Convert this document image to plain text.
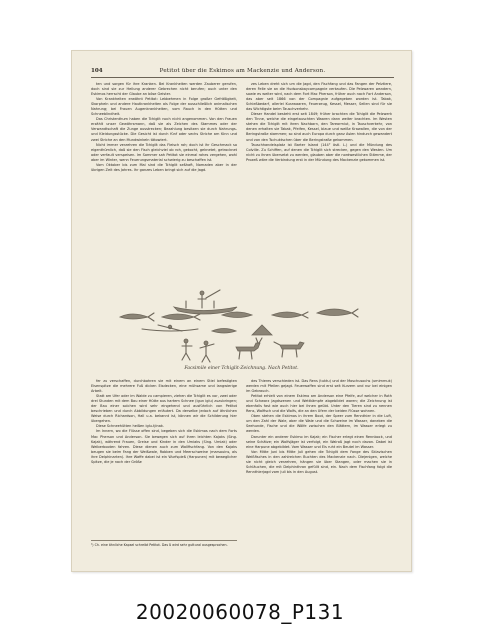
104	Petitot über die Eskimos am Mackenzie und Anderson.

ten und sorgen für ihre Kranken. Bei Krankheiten werden Zauberer gerufen, doch sind sie zur Heilung anderer Gebrechen nicht berufen; auch unter den Eskimos herrscht der Glaube an böse Geister.

Von Krankheiten erwähnt Petitot: Lebbehmen in Folge großer Gefräßigkeit, Skorpheln und andere Hautkrankheiten als Folge der ausschließlich animalischen Nahrung; bei Frauen Augenkrankheiten, vom Rauch in den Hütten und Schneeblindheit.

Das Christenthum haben die Tchiglit noch nicht angenommen. Von den Frauen erzählt unser Gewährsmann, daß sie als Zeichen des Stammes oder der Verwandtschaft die Zunge ausstrecken; Bezahlung besitzen sie durch Nahrungs- und Kleidungsstücke. Die Gesicht ist durch fünf oder sechs Striche am Kinn und zwei Striche an den Mundwinkeln tätowiert.

Nicht immer verzehren die Tchiglit das Fleisch roh; doch ist ihr Geschmack so eigenthümlich, daß sie den Fisch gleichviel ob roh, gekocht, geknetet, getrocknet oder verfault verspeisen. Im Sommer sah Petitot sie einmal rohes vergehen, wohl aber im Winter, wenn Feuerungsmaterial schwierig zu beschaffen ist.

Vom Oktober bis zum Mai sind die Tchiglit seßhaft, Nomaden aber in der übrigen Zeit des Jahres. Ihr ganzes Leben bringt sich auf die Jagd.

zes Leben dreht sich um die Jagd, den Fischfang und das Fangen der Pelztiere, deren Felle sie an die Hudsonsbaycompagnie verkaufen. Die Pelzwaren wandern, sowie es weiter wird, nach dem Fort Mac Pherson, früher auch nach Fort Anderson, das aber seit 1866 von der Compagnie aufgegeben worden ist. Tabak, Schießbedarf, allerlei Kurzwaaren, Feuerzeug, Kessel, Messer, Sellen sind für sie das Wichtigste beim Tauschverkehr.

Dieser Handel besteht erst seit 1849; früher brachten die Tchiglit die Pelzwerk den Tinne, welche die eingetauschten Waaren dann weiter brachten. Im Westen stehen die Tchiglit mit ihren Nachbarn, den Tareormiut, in Tauschverkehr, von denen erhalten sie Tabak, Pfeifen, Kessel, blaue und weiße Krawallen, die von der Beringstraße stammen; so sind auch Europa durch ganz Asien hindurch gewandert und von den Tschuktschen über die Beringstraße gekommen.

Tauschhandelsplatz ist Barter Island (144° östl. L.) und die Mündung des Colville. Zu Schiffen, auf denen die Tchiglit sich strecken, gegen den Westen. Um nicht zu ihnen übersetzt zu werden, glauben aber die nordwestlichen Stämme, der Prozeß wäre die Verbindung erst in der Mündung des Mackenzie gekommen ist.

Facsimile einer Tchiglit-Zeichnung. Nach Petitot.

fer zu verschaffen, durchbohren sie mit einem an einem Stiel befestigten Eisenspitze die mehrere Fuß dicken Eisdecken, eine mühsame und langwierige Arbeit.

Statt am Ufer oder im Walde zu campieren, ziehen die Tchiglit es vor, zwei oder drei Stunden mit dem Bau einer Hütte aus hartem Schnee (igun iglu) zuzubringen; der Bau einer solchen wird sehr eingehend und ausführlich von Petitot beschrieben und durch Abbildungen erläutert. Da derselbe jedoch auf ähnlichen Weise durch Richardson, Hall u.a. bekannt ist, können wir die Schilderung hier übergehen.

Diese Schneehütten heißen iglu-tjinak.

Im Innern, wo die Flüsse offen sind, begeben sich die Eskimos nach dem Forts Mac Pherson und Anderson. Sie bewegen sich auf ihren leichten Kajaks (Sing. Kajak), während Frauen, Greise und Kinder in den Umiaks (Sing. Umiak) oder Weiberbooten fahren. Diese dienen auch zum Wallfischfang. Von den Kajaks beugen sie beim Fang der Weißwale, Robben und Meerschweine (marsouins, als ihre Delphinarten). Ihre Waffe dabei ist ein Wurfspieß (Harpunen) mit beweglicher Spitze, die je nach der Größe

des Thieres verschieden ist. Das Rens (tuktu) und der Moschusochs (umimmuk) werden mit Pfeilen gejagt. Feuerwaffen sind erst seit Kurzem und nur bei einigen im Gebrauch.

Petitot erhielt von einem Eskimo am Anderson eine Pfeife, auf welcher in Roth und Schwarz Jagdszenen und Wettkämpfe abgebildet waren; die Zeichnung ist ebenfalls fast wie auch hier bei ihnen geübt. Unter den Tieren sind zu nennen Rens, Walfisch und die Wolfs, die an den Ufern der beiden Flüsse wohnen.

Oben stehen die Eskimos in ihrem Boot, der Speer zum Rennthier in die Luft, um den Zahl der Wale, aber die Wale und die Schweine im Wasser, daneben die Seehunde, Fische und die Wölfe zwischen den Blättern, im Wasser erlegt zu werden.

Darunter ein anderer Eskimo im Kajak; ein Fischer erlegt einen Rennbock, und seine Schätze; ein Wolfsjäger ist verfolgt, ein Walroß jagt noch davon. Dabei ist eine Harpune abgebildet. Vom Wasser und Eis ruht ein Beutel im Wasser.

Von Mitte Juni bis Mitte Juli gehen die Tchiglit dem Fange des Sklavischen Weißfisches in den zahlreichen Buchten des Mackenzie nach. Diejenigen, welche sie nicht gleich verzehren, hängen sie über Stangen, oder machen sie in Schläuchen, die mit Delphinthran gefüllt sind, ein. Nach dem Fischfang folgt die Rennthierjagd vom Juli bis in den August.

¹) Ch. eine ähnliche Kapsel schreibt Petitot. Das ß wird sehr guttural ausgesprochen.
20020060078_P131
